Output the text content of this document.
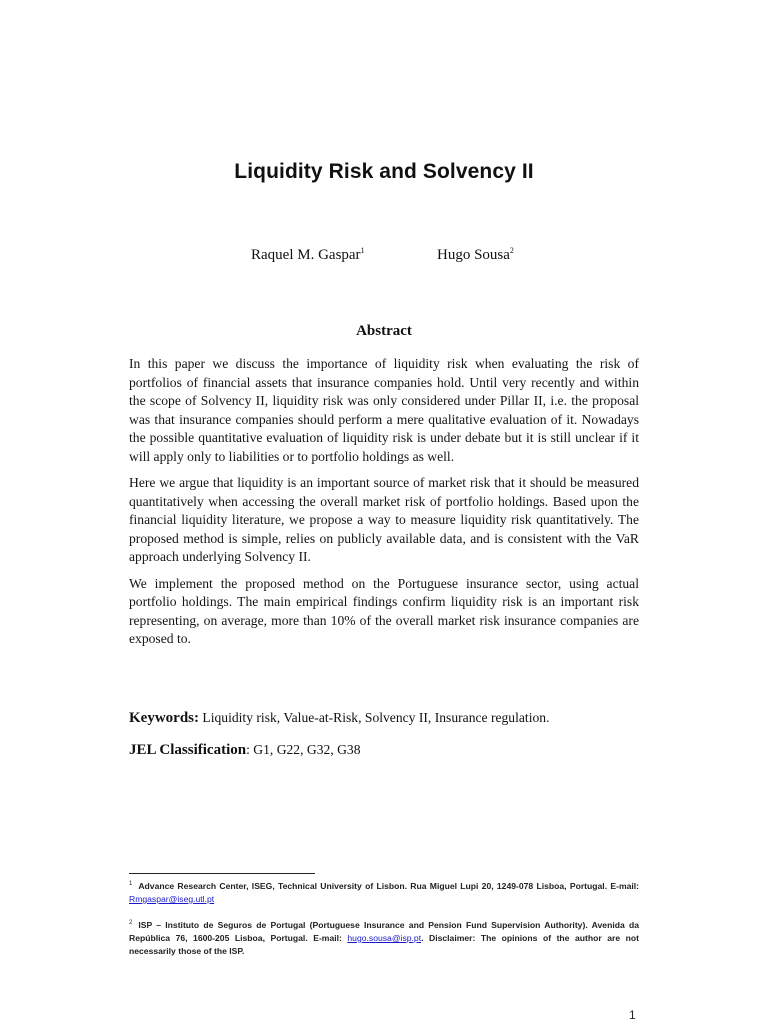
Liquidity Risk and Solvency II
Raquel M. Gaspar$^1$	Hugo Sousa$^2$
Abstract

In this paper we discuss the importance of liquidity risk when evaluating the risk of portfolios of financial assets that insurance companies hold. Until very recently and within the scope of Solvency II, liquidity risk was only considered under Pillar II, i.e. the proposal was that insurance companies should perform a mere qualitative evaluation of it. Nowadays the possible quantitative evaluation of liquidity risk is under debate but it is still unclear if it will apply only to liabilities or to portfolio holdings as well.

Here we argue that liquidity is an important source of market risk that it should be measured quantitatively when accessing the overall market risk of portfolio holdings. Based upon the financial liquidity literature, we propose a way to measure liquidity risk quantitatively. The proposed method is simple, relies on publicly available data, and is consistent with the VaR approach underlying Solvency II.

We implement the proposed method on the Portuguese insurance sector, using actual portfolio holdings. The main empirical findings confirm liquidity risk is an important risk representing, on average, more than 10% of the overall market risk insurance companies are exposed to.

Keywords: Liquidity risk, Value-at-Risk, Solvency II, Insurance regulation.
JEL Classification: G1, G22, G32, G38
$^1$ Advance Research Center, ISEG, Technical University of Lisbon. Rua Miguel Lupi 20, 1249-078 Lisboa, Portugal. E-mail: Rmgaspar@iseg.utl.pt
$^2$ ISP – Instituto de Seguros de Portugal (Portuguese Insurance and Pension Fund Supervision Authority). Avenida da República 76, 1600-205 Lisboa, Portugal. E-mail: hugo.sousa@isp.pt. Disclaimer: The opinions of the author are not necessarily those of the ISP.
1
